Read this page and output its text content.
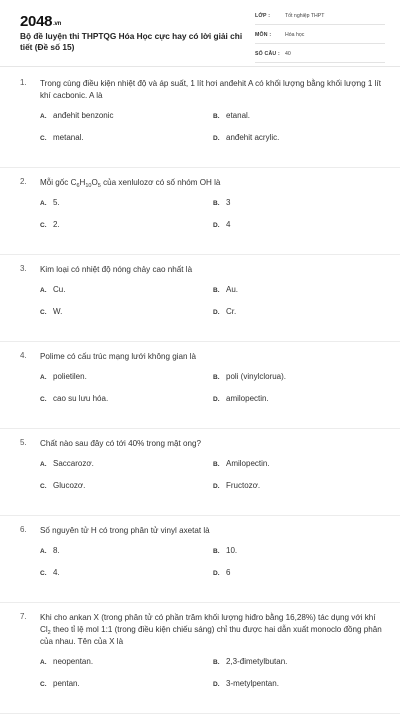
2048.vn
Bộ đề luyện thi THPTQG Hóa Học cực hay có lời giải chi tiết (Đề số 15)
LỚP :	Tốt nghiệp THPT
MÔN :	Hóa học
SỐ CÂU : 40
1. Trong cùng điều kiện nhiệt độ và áp suất, 1 lít hơi anđehit A có khối lượng bằng khối lượng 1 lít khí cacbonic. A là
A. anđehit benzonic	B. etanal.
C. metanal.	D. anđehit acrylic.
2. Mỗi gốc $C_6H_{10}O_5$ của xenlulozơ có số nhóm OH là
A. 5.	B. 3
C. 2.	D. 4
3. Kim loại có nhiệt độ nóng chảy cao nhất là
A. Cu.	B. Au.
C. W.	D. Cr.
4. Polime có cấu trúc mạng lưới không gian là
A. polietilen.	B. poli (vinylclorua).
C. cao su lưu hóa.	D. amilopectin.
5. Chất nào sau đây có tới 40% trong mật ong?
A. Saccarozơ.	B. Amilopectin.
C. Glucozơ.	D. Fructozơ.
6. Số nguyên tử H có trong phân tử vinyl axetat là
A. 8.	B. 10.
C. 4.	D. 6
7. Khi cho ankan X (trong phân tử có phần trăm khối lượng hiđro bằng 16,28%) tác dụng với khí $Cl_2$ theo tỉ lệ mol 1:1 (trong điều kiện chiếu sáng) chỉ thu được hai dẫn xuất monoclo đồng phân của nhau. Tên của X là
A. neopentan.	B. 2,3-đimetylbutan.
C. pentan.	D. 3-metylpentan.
